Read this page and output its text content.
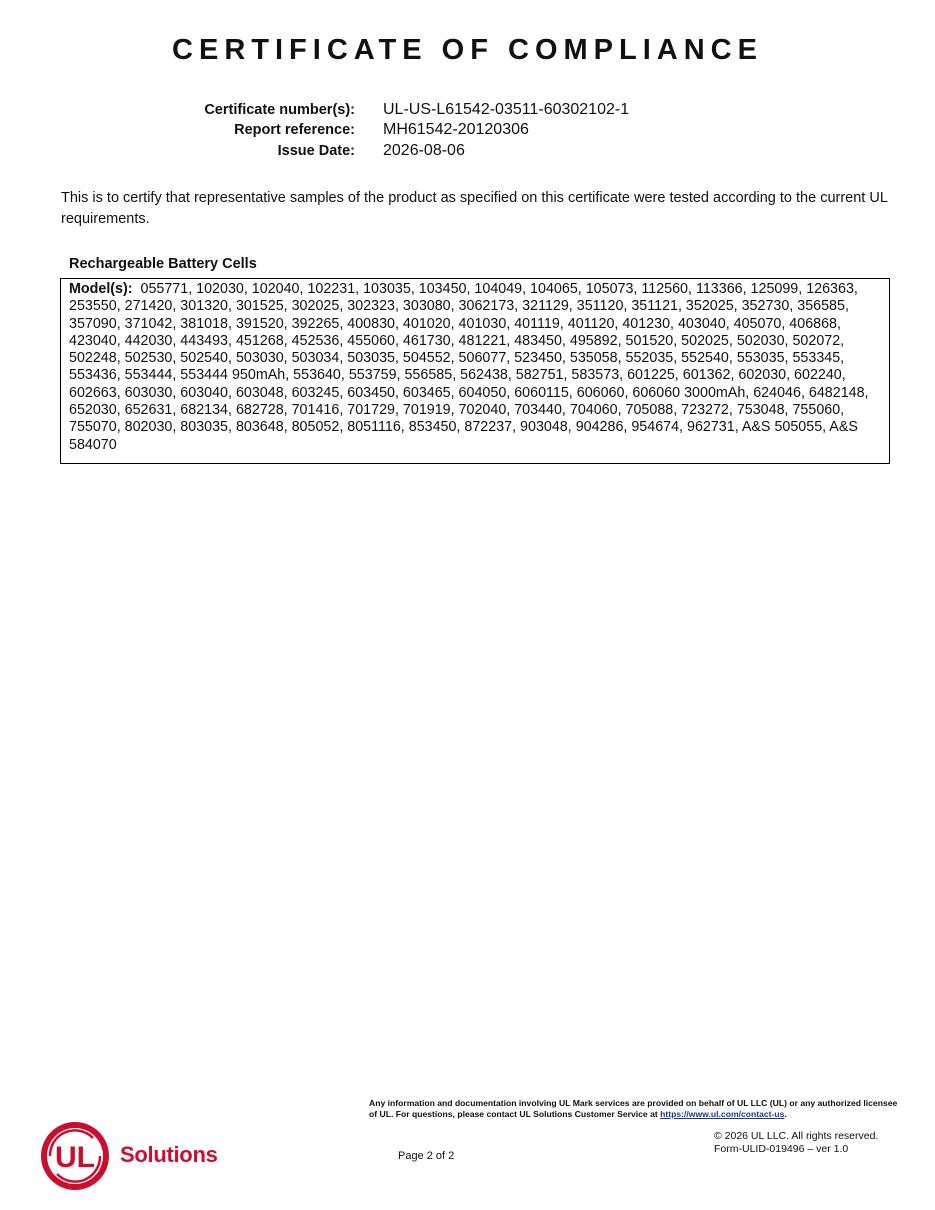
CERTIFICATE OF COMPLIANCE
Certificate number(s): UL-US-L61542-03511-60302102-1
Report reference: MH61542-20120306
Issue Date: 2026-08-06
This is to certify that representative samples of the product as specified on this certificate were tested according to the current UL requirements.
Rechargeable Battery Cells
Model(s): 055771, 102030, 102040, 102231, 103035, 103450, 104049, 104065, 105073, 112560, 113366, 125099, 126363, 253550, 271420, 301320, 301525, 302025, 302323, 303080, 3062173, 321129, 351120, 351121, 352025, 352730, 356585, 357090, 371042, 381018, 391520, 392265, 400830, 401020, 401030, 401119, 401120, 401230, 403040, 405070, 406868, 423040, 442030, 443493, 451268, 452536, 455060, 461730, 481221, 483450, 495892, 501520, 502025, 502030, 502072, 502248, 502530, 502540, 503030, 503034, 503035, 504552, 506077, 523450, 535058, 552035, 552540, 553035, 553345, 553436, 553444, 553444 950mAh, 553640, 553759, 556585, 562438, 582751, 583573, 601225, 601362, 602030, 602240, 602663, 603030, 603040, 603048, 603245, 603450, 603465, 604050, 6060115, 606060, 606060 3000mAh, 624046, 6482148, 652030, 652631, 682134, 682728, 701416, 701729, 701919, 702040, 703440, 704060, 705088, 723272, 753048, 755060, 755070, 802030, 803035, 803648, 805052, 8051116, 853450, 872237, 903048, 904286, 954674, 962731, A&S 505055, A&S 584070
Any information and documentation involving UL Mark services are provided on behalf of UL LLC (UL) or any authorized licensee of UL. For questions, please contact UL Solutions Customer Service at https://www.ul.com/contact-us.
© 2026 UL LLC. All rights reserved.
Form-ULID-019496 – ver 1.0
Page 2 of 2
UL Solutions
